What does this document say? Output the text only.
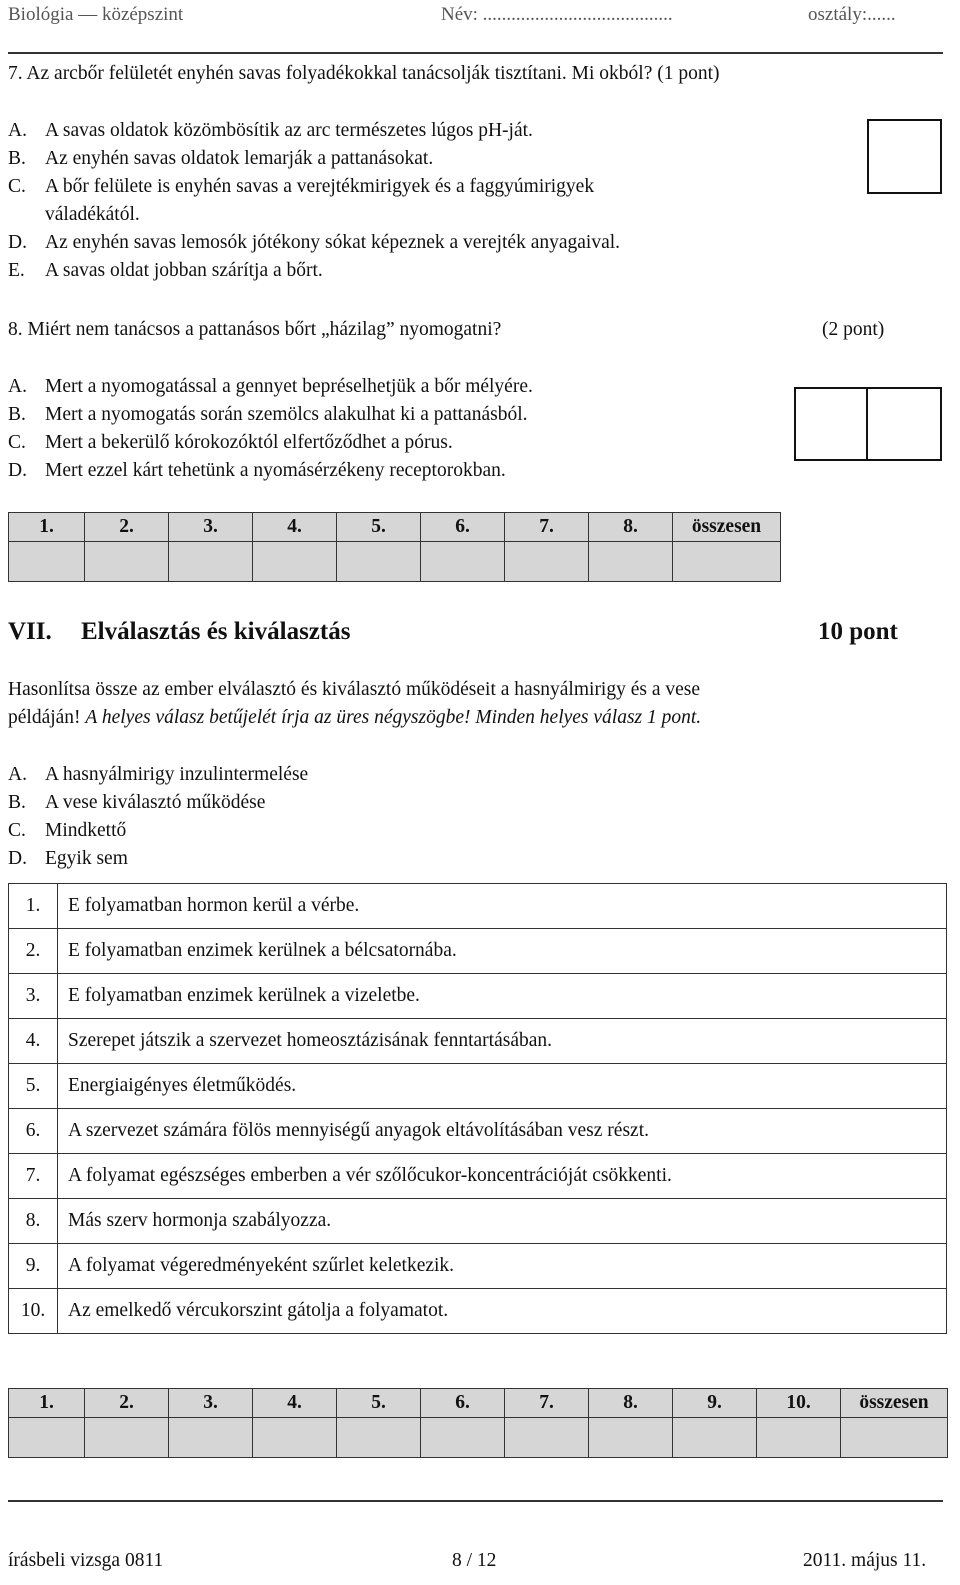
Biológia — középszint	Név: ........................................	osztály:......
7. Az arcbőr felületét enyhén savas folyadékokkal tanácsolják tisztítani. Mi okból? (1 pont)
A. A savas oldatok közömbösítik az arc természetes lúgos pH-ját.
B. Az enyhén savas oldatok lemarják a pattanásokat.
C. A bőr felülete is enyhén savas a verejtékmirigyek és a faggyúmirigyek
váladékától.
D. Az enyhén savas lemosók jótékony sókat képeznek a verejték anyagaival.
E. A savas oldat jobban szárítja a bőrt.
8. Miért nem tanácsos a pattanásos bőrt „házilag” nyomogatni?	(2 pont)
A. Mert a nyomogatással a gennyet bepréselhetjük a bőr mélyére.
B. Mert a nyomogatás során szemölcs alakulhat ki a pattanásból.
C. Mert a bekerülő kórokozóktól elfertőződhet a pórus.
D. Mert ezzel kárt tehetünk a nyomásérzékeny receptorokban.
1.	2.	3.	4.	5.	6.	7.	8.	összesen

VII. Elválasztás és kiválasztás	10 pont
Hasonlítsa össze az ember elválasztó és kiválasztó működéseit a hasnyálmirigy és a vese
példáján! A helyes válasz betűjelét írja az üres négyszögbe! Minden helyes válasz 1 pont.
A. A hasnyálmirigy inzulintermelése
B. A vese kiválasztó működése
C. Mindkettő
D. Egyik sem
1.	E folyamatban hormon kerül a vérbe.
2.	E folyamatban enzimek kerülnek a bélcsatornába.
3.	E folyamatban enzimek kerülnek a vizeletbe.
4.	Szerepet játszik a szervezet homeosztázisának fenntartásában.
5.	Energiaigényes életműködés.
6.	A szervezet számára fölös mennyiségű anyagok eltávolításában vesz részt.
7.	A folyamat egészséges emberben a vér szőlőcukor-koncentrációját csökkenti.
8.	Más szerv hormonja szabályozza.
9.	A folyamat végeredményeként szűrlet keletkezik.
10.	Az emelkedő vércukorszint gátolja a folyamatot.
1.	2.	3.	4.	5.	6.	7.	8.	9.	10.	összesen

írásbeli vizsga 0811	8 / 12	2011. május 11.
